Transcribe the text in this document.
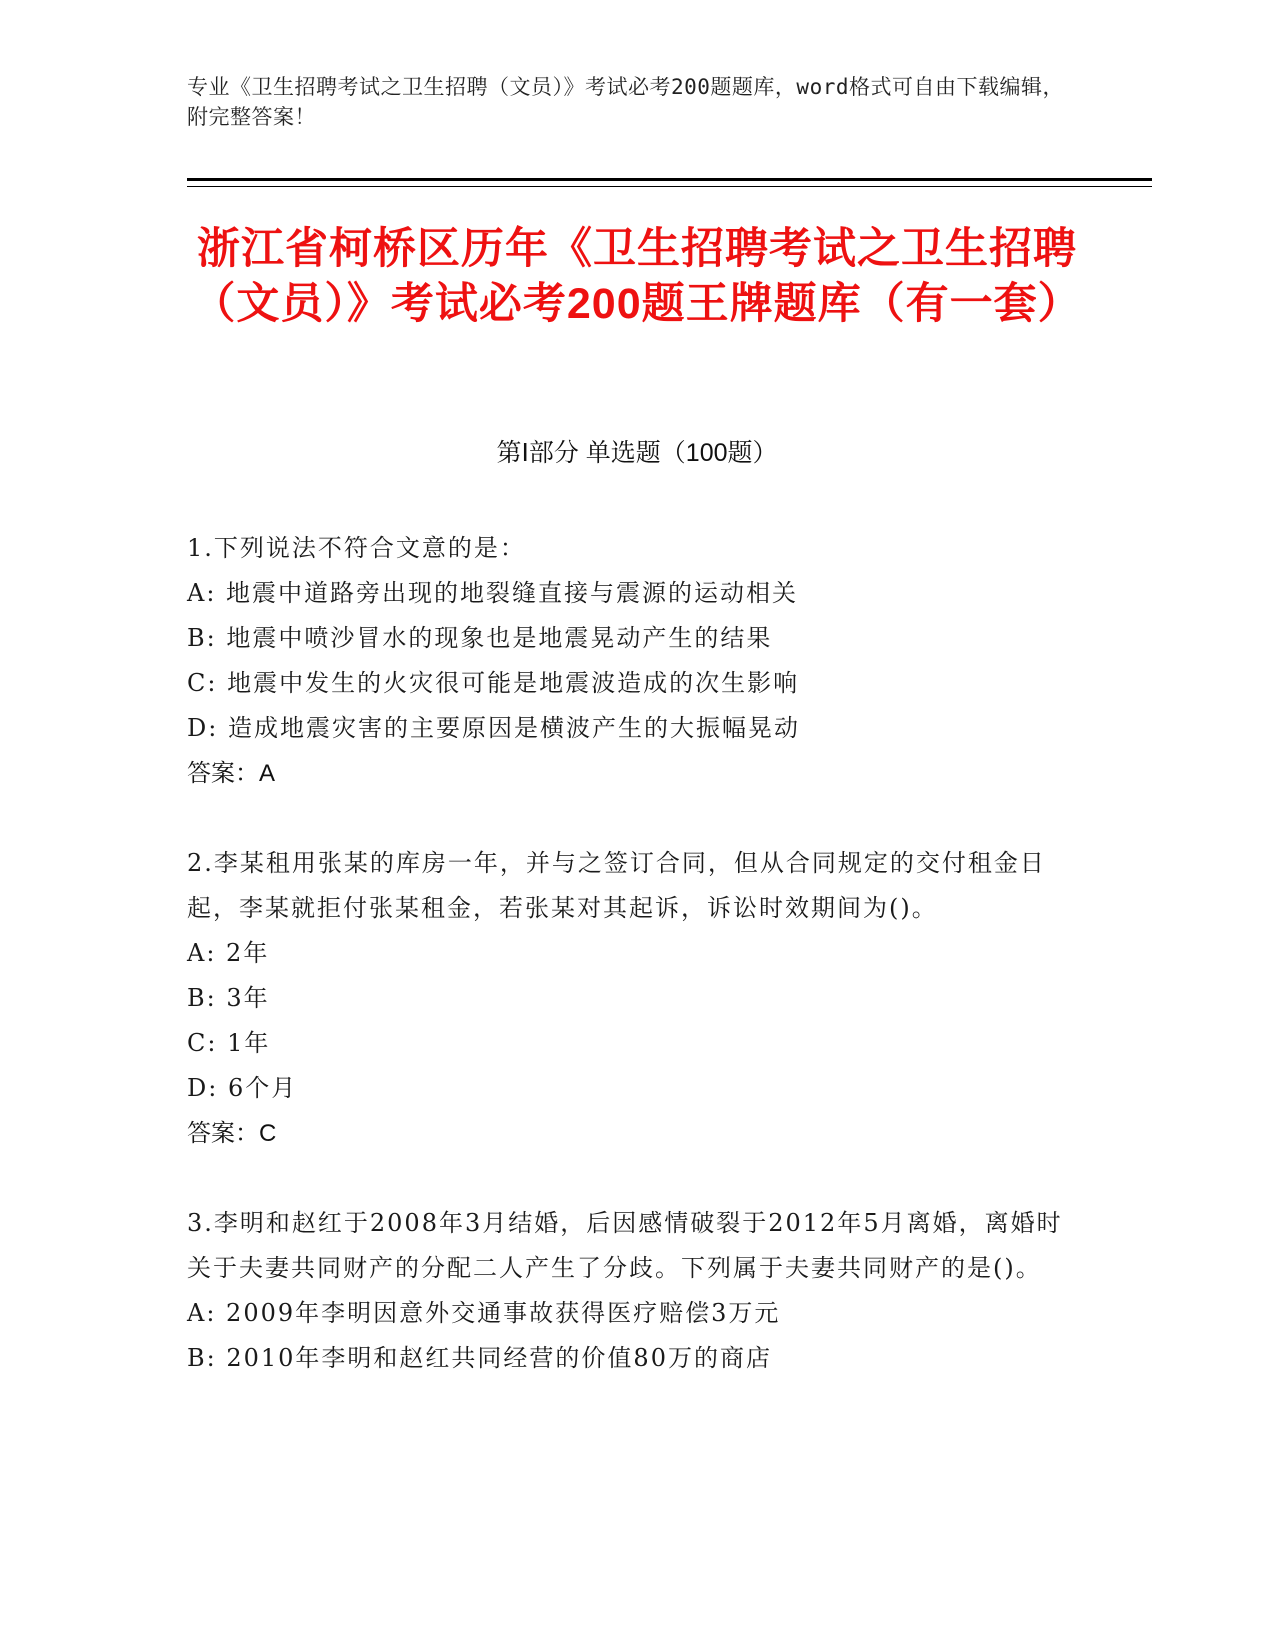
专业《卫生招聘考试之卫生招聘（文员）》考试必考200题题库，word格式可自由下载编辑，附完整答案！
浙江省柯桥区历年《卫生招聘考试之卫生招聘（文员）》考试必考200题王牌题库（有一套）
第Ⅰ部分 单选题（100题）

1.下列说法不符合文意的是：

A: 地震中道路旁出现的地裂缝直接与震源的运动相关

B: 地震中喷沙冒水的现象也是地震晃动产生的结果

C: 地震中发生的火灾很可能是地震波造成的次生影响

D: 造成地震灾害的主要原因是横波产生的大振幅晃动

答案：A

2.李某租用张某的库房一年，并与之签订合同，但从合同规定的交付租金日起，李某就拒付张某租金，若张某对其起诉，诉讼时效期间为()。

A: 2年

B: 3年

C: 1年

D: 6个月

答案：C

3.李明和赵红于2008年3月结婚，后因感情破裂于2012年5月离婚，离婚时关于夫妻共同财产的分配二人产生了分歧。下列属于夫妻共同财产的是()。

A: 2009年李明因意外交通事故获得医疗赔偿3万元

B: 2010年李明和赵红共同经营的价值80万的商店
